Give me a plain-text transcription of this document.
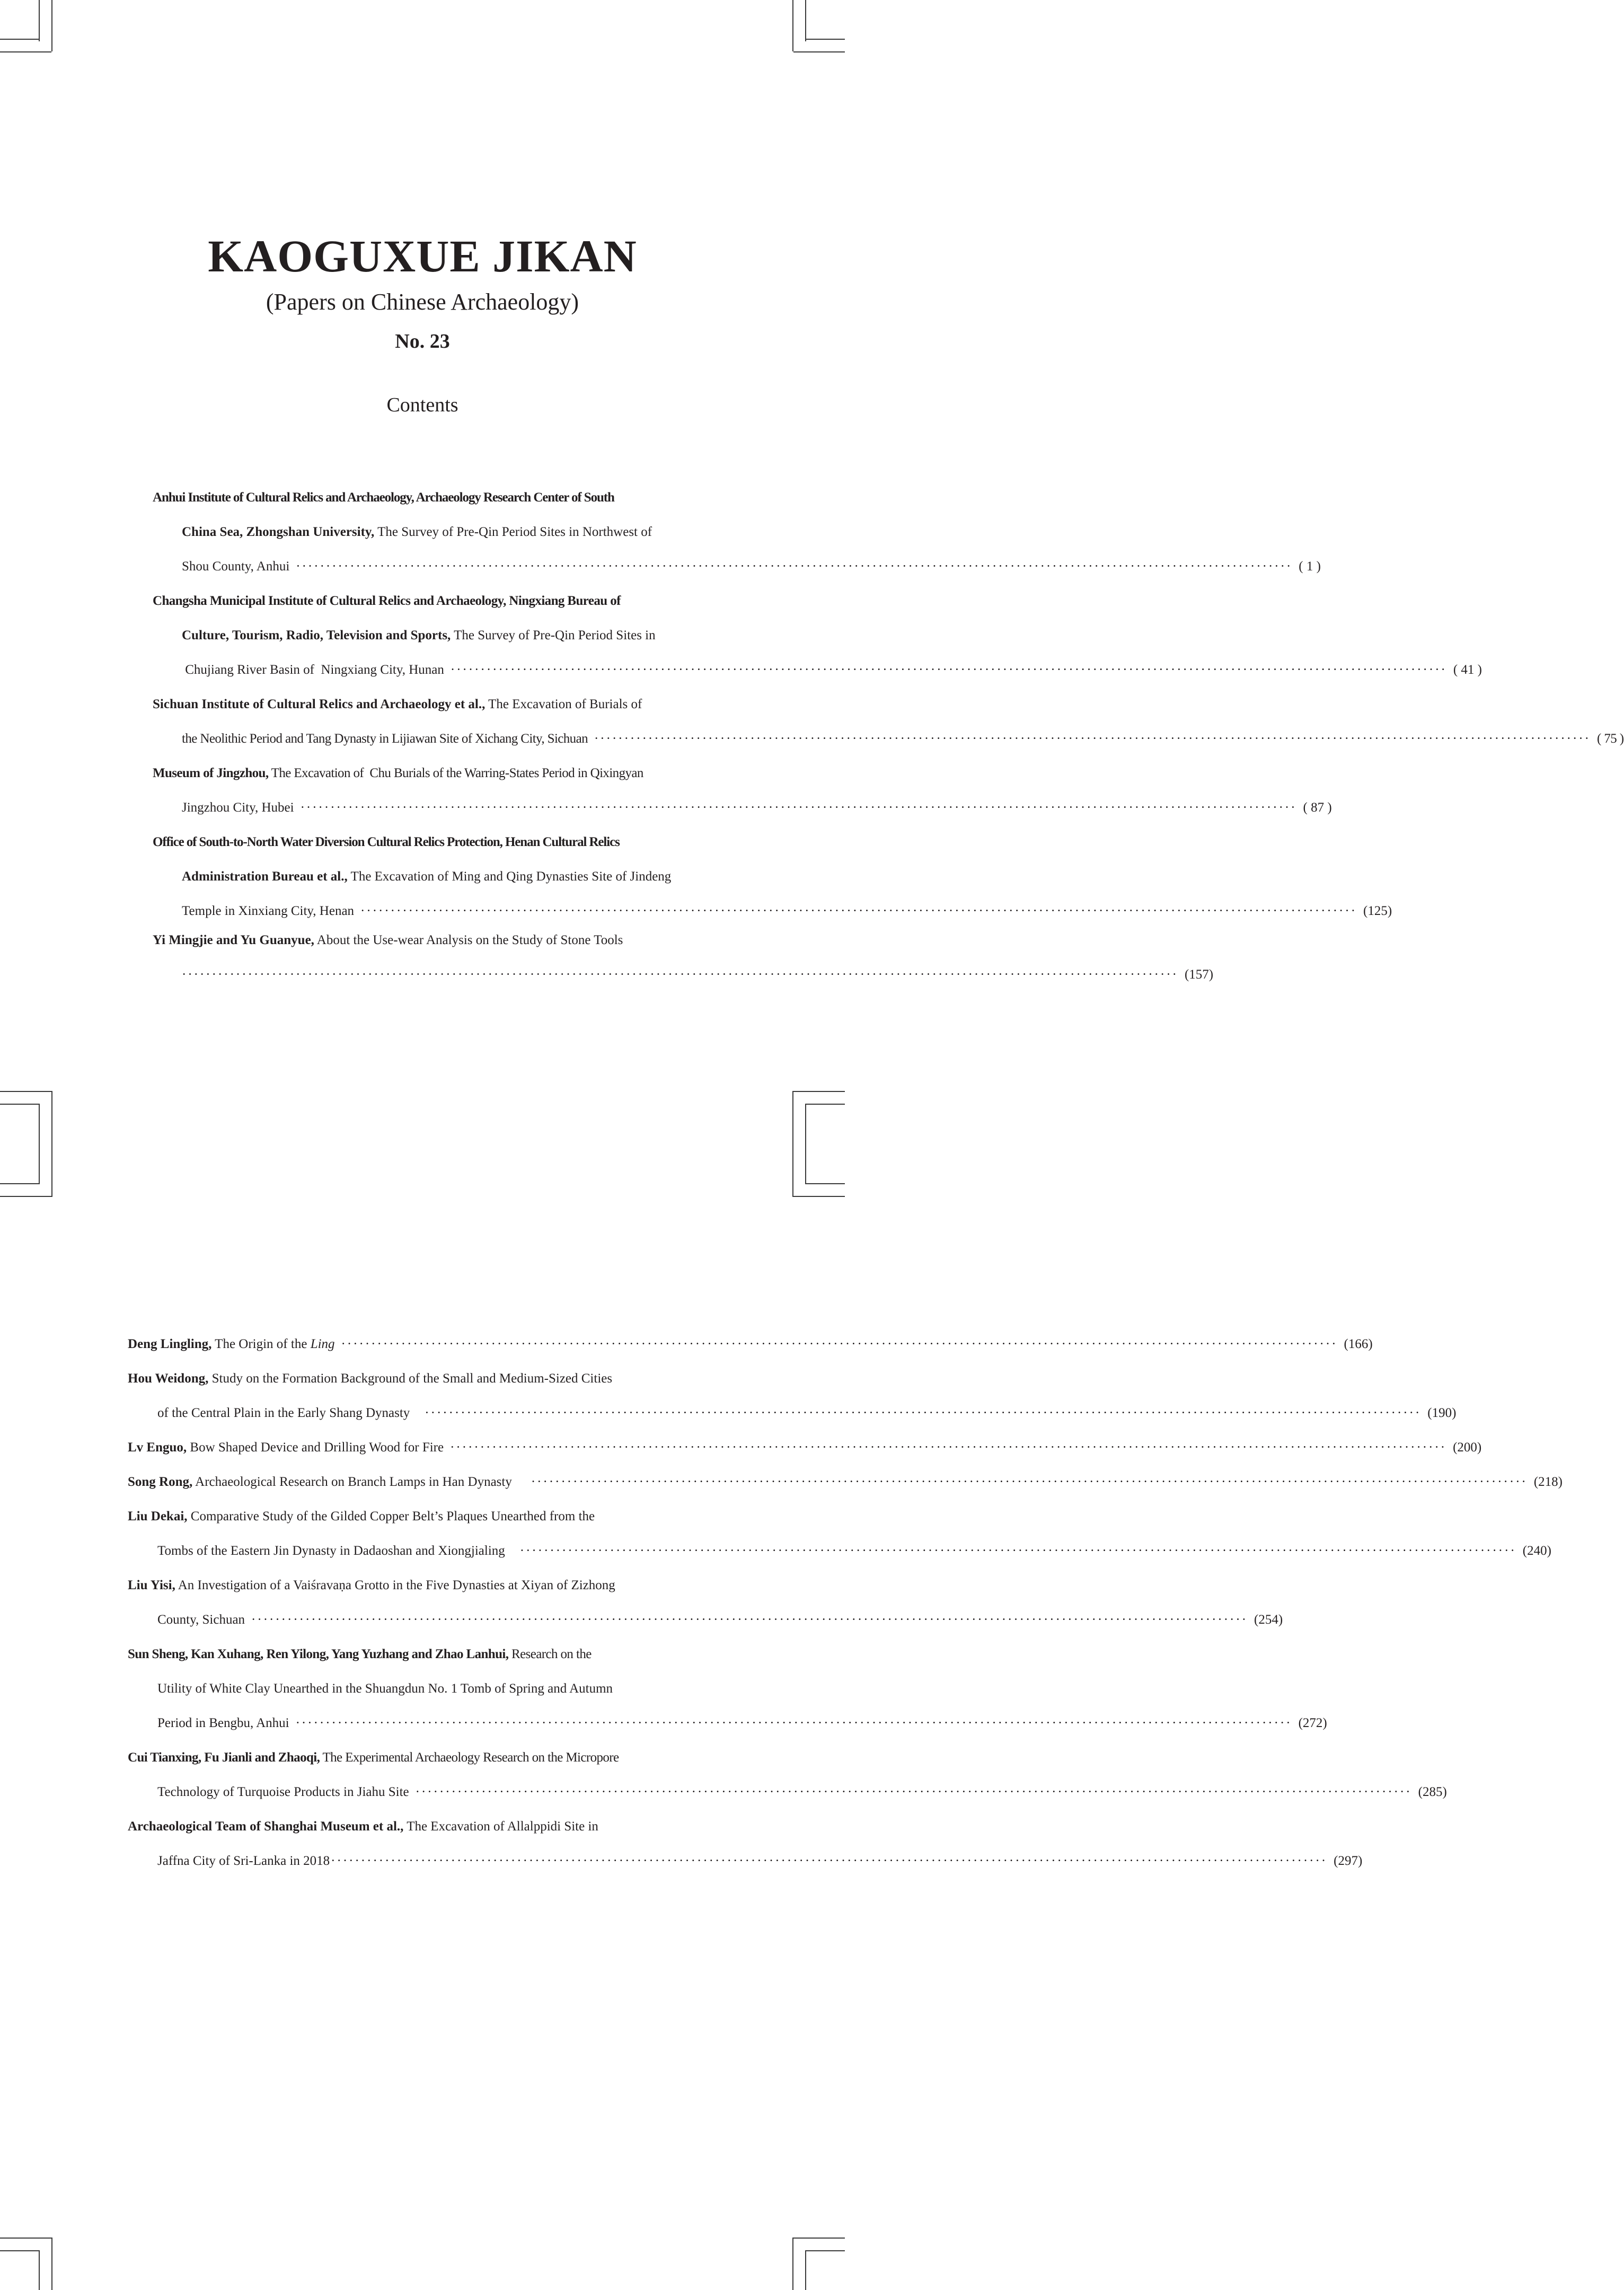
KAOGUXUE JIKAN
(Papers on Chinese Archaeology)
No. 23
Contents
Anhui Institute of Cultural Relics and Archaeology, Archaeology Research Center of South
China Sea, Zhongshan University, The Survey of Pre-Qin Period Sites in Northwest of
Shou County, Anhui ······································································································································································ ( 1 )
Changsha Municipal Institute of Cultural Relics and Archaeology, Ningxiang Bureau of
Culture, Tourism, Radio, Television and Sports, The Survey of Pre-Qin Period Sites in
Chujiang River Basin of  Ningxiang City, Hunan ······································································································································································ ( 41 )
Sichuan Institute of Cultural Relics and Archaeology et al., The Excavation of Burials of
the Neolithic Period and Tang Dynasty in Lijiawan Site of Xichang City, Sichuan ······································································································································································ ( 75 )
Museum of Jingzhou, The Excavation of  Chu Burials of the Warring-States Period in Qixingyan
Jingzhou City, Hubei ······································································································································································ ( 87 )
Office of South-to-North Water Diversion Cultural Relics Protection, Henan Cultural Relics
Administration Bureau et al., The Excavation of Ming and Qing Dynasties Site of Jindeng
Temple in Xinxiang City, Henan ······································································································································································ (125)
Yi Mingjie and Yu Guanyue, About the Use-wear Analysis on the Study of Stone Tools
······································································································································································ (157)
Deng Lingling, The Origin of the Ling ······································································································································································ (166)
Hou Weidong, Study on the Formation Background of the Small and Medium-Sized Cities
of the Central Plain in the Early Shang Dynasty ······································································································································································ (190)
Lv Enguo, Bow Shaped Device and Drilling Wood for Fire ······································································································································································ (200)
Song Rong, Archaeological Research on Branch Lamps in Han Dynasty ······································································································································································ (218)
Liu Dekai, Comparative Study of the Gilded Copper Belt’s Plaques Unearthed from the
Tombs of the Eastern Jin Dynasty in Dadaoshan and Xiongjialing ······································································································································································ (240)
Liu Yisi, An Investigation of a Vaiśravaṇa Grotto in the Five Dynasties at Xiyan of Zizhong
County, Sichuan ······································································································································································ (254)
Sun Sheng, Kan Xuhang, Ren Yilong, Yang Yuzhang and Zhao Lanhui, Research on the
Utility of White Clay Unearthed in the Shuangdun No. 1 Tomb of Spring and Autumn
Period in Bengbu, Anhui ······································································································································································ (272)
Cui Tianxing, Fu Jianli and Zhaoqi, The Experimental Archaeology Research on the Micropore
Technology of Turquoise Products in Jiahu Site ······································································································································································ (285)
Archaeological Team of Shanghai Museum et al., The Excavation of Allalppidi Site in
Jaffna City of Sri-Lanka in 2018 ······································································································································································ (297)
